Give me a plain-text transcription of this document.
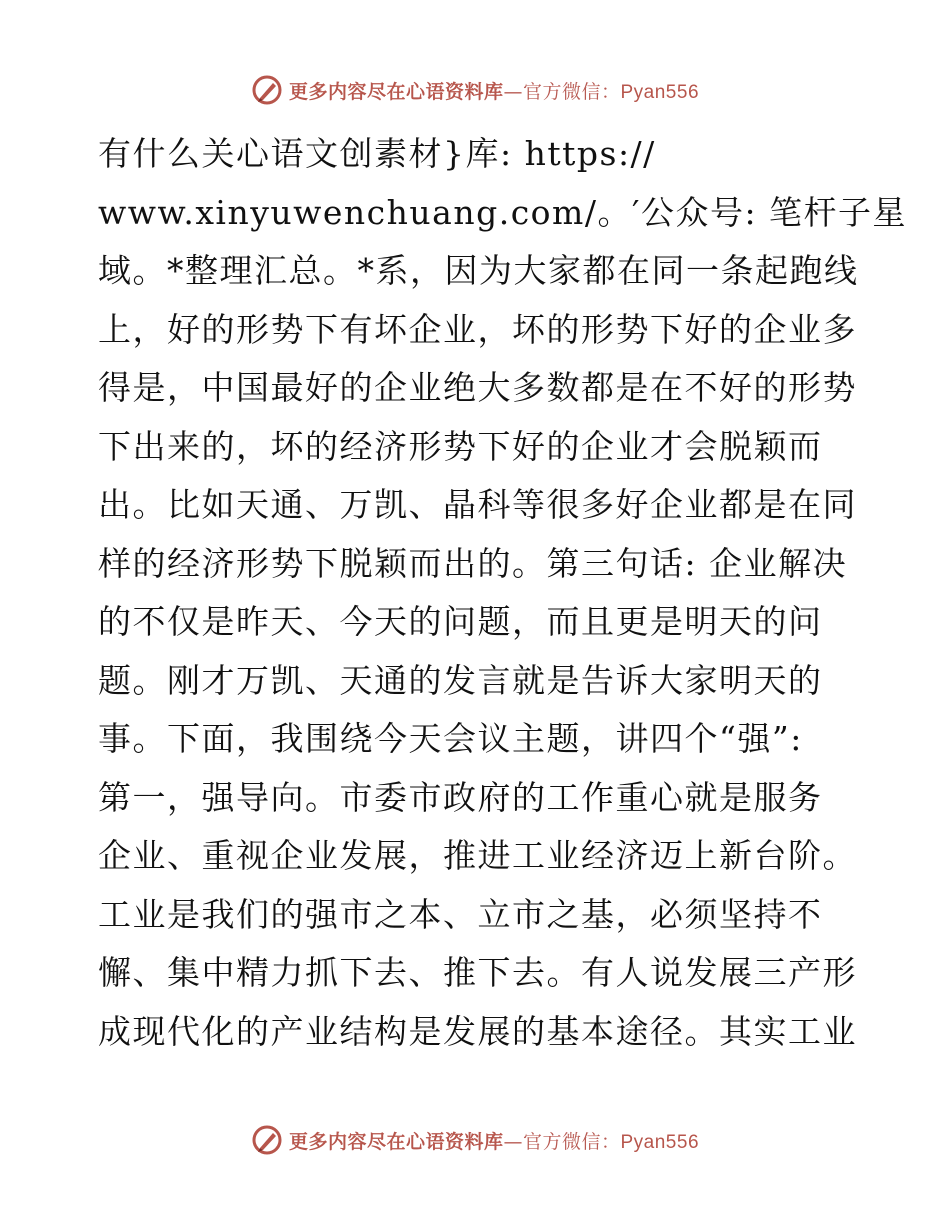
更多内容尽在心语资料库—官方微信：Pyan556
有什么关心语文创素材}库: https://
www.xinyuwenchuang.com/。′公众号: 笔杆子星
域。*整理汇总。*系，因为大家都在同一条起跑线
上，好的形势下有坏企业，坏的形势下好的企业多
得是，中国最好的企业绝大多数都是在不好的形势
下出来的，坏的经济形势下好的企业才会脱颖而
出。比如天通、万凯、晶科等很多好企业都是在同
样的经济形势下脱颖而出的。第三句话: 企业解决
的不仅是昨天、今天的问题，而且更是明天的问
题。刚才万凯、天通的发言就是告诉大家明天的
事。下面，我围绕今天会议主题，讲四个“强”:
第一，强导向。市委市政府的工作重心就是服务
企业、重视企业发展，推进工业经济迈上新台阶。
工业是我们的强市之本、立市之基，必须坚持不
懈、集中精力抓下去、推下去。有人说发展三产形
成现代化的产业结构是发展的基本途径。其实工业
更多内容尽在心语资料库—官方微信：Pyan556
